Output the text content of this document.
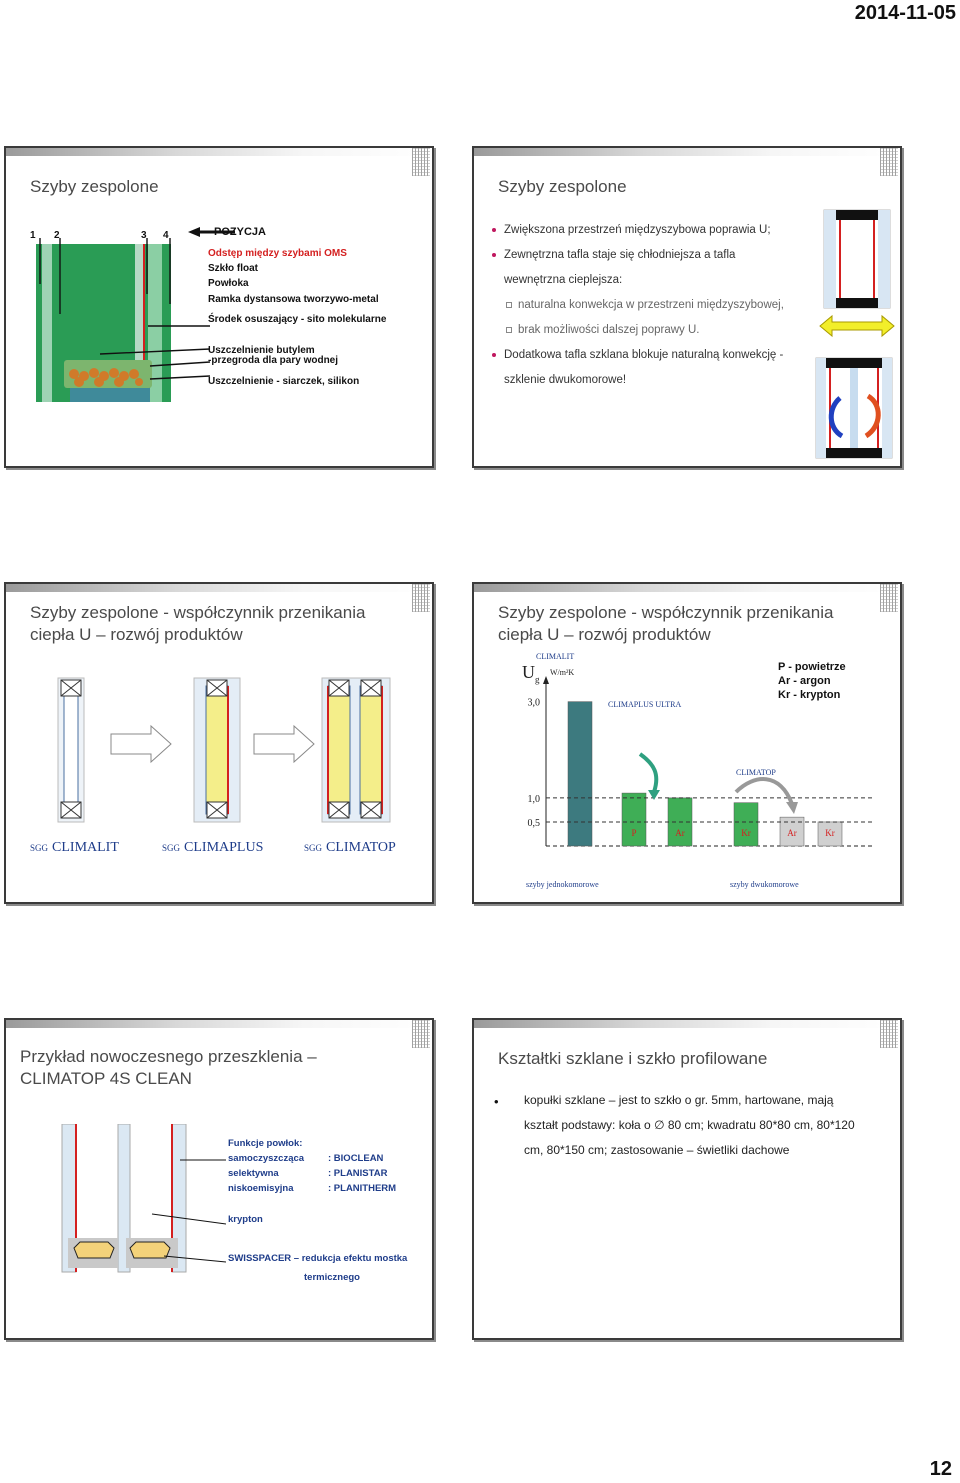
2014-11-05
Szyby zespolone
1 2	3 4	POZYCJA
Odstęp między szybami OMS
Szkło float
Powłoka
Ramka dystansowa tworzywo-metal
Środek osuszający - sito molekularne
Uszczelnienie butylem
-przegroda dla pary wodnej
Uszczelnienie - siarczek, silikon
Szyby zespolone
Zwiększona przestrzeń międzyszybowa poprawia U;
Zewnętrzna tafla staje się chłodniejsza a tafla
wewnętrzna cieplejsza:
naturalna konwekcja w przestrzeni międzyszybowej,
brak możliwości dalszej poprawy U.
Dodatkowa tafla szklana blokuje naturalną konwekcję -
szklenie dwukomorowe!
Szyby zespolone - współczynnik przenikania
ciepła U – rozwój produktów
SGG CLIMALIT	SGG CLIMAPLUS	SGG CLIMATOP
Szyby zespolone - współczynnik przenikania
ciepła U – rozwój produktów
P - powietrze
Ar - argon
Kr - krypton
$U_g$
W/m²K
CLIMALIT
CLIMAPLUS ULTRA
CLIMATOP
szyby jednokomorowe	szyby dwukomorowe
3,0
1,0
0,5
P	Ar	Kr	Ar	Kr
Przykład nowoczesnego przeszklenia –
CLIMATOP 4S CLEAN
Funkcje powłok:
samoczyszcząca	: BIOCLEAN
selektywna	: PLANISTAR
niskoemisyjna	: PLANITHERM
krypton
SWISSPACER – redukcja efektu mostka
termicznego
Kształtki szklane i szkło profilowane
• kopułki szklane – jest to szkło o gr. 5mm, hartowane, mają
kształt podstawy: koła o ∅ 80 cm; kwadratu 80*80 cm, 80*120
cm, 80*150 cm; zastosowanie – świetliki dachowe
12
